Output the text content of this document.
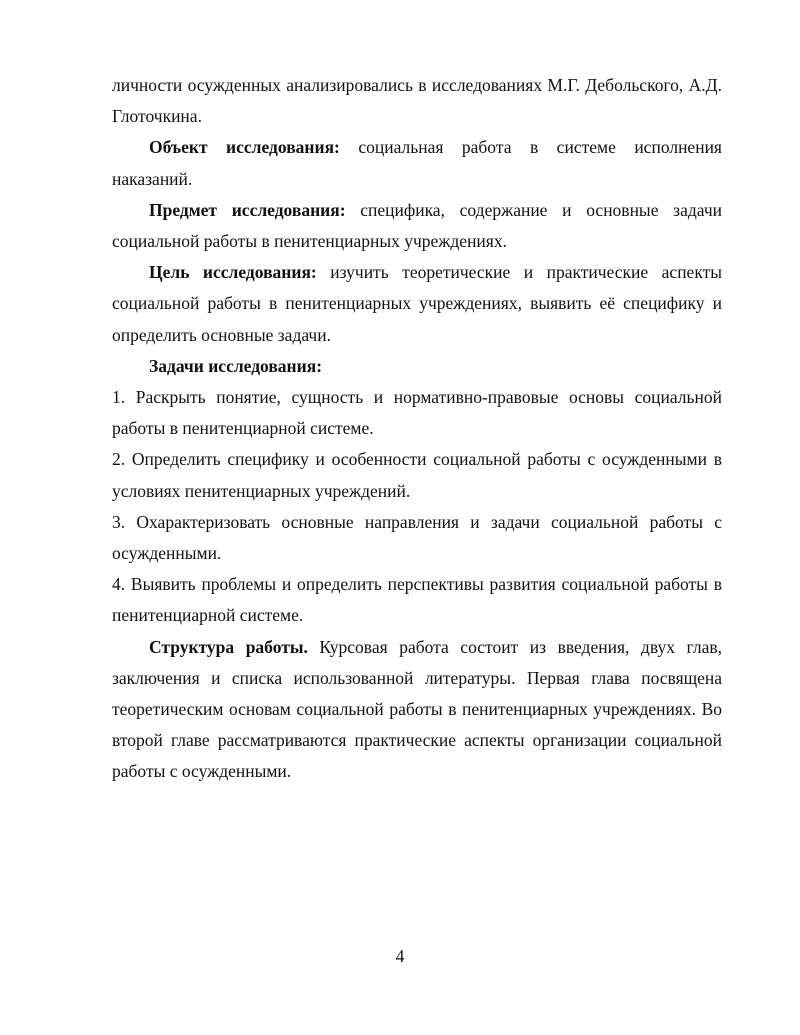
личности осужденных анализировались в исследованиях М.Г. Дебольского, А.Д. Глоточкина.

Объект исследования: социальная работа в системе исполнения наказаний.

Предмет исследования: специфика, содержание и основные задачи социальной работы в пенитенциарных учреждениях.

Цель исследования: изучить теоретические и практические аспекты социальной работы в пенитенциарных учреждениях, выявить её специфику и определить основные задачи.

Задачи исследования:

1. Раскрыть понятие, сущность и нормативно-правовые основы социальной работы в пенитенциарной системе.

2. Определить специфику и особенности социальной работы с осужденными в условиях пенитенциарных учреждений.

3. Охарактеризовать основные направления и задачи социальной работы с осужденными.

4. Выявить проблемы и определить перспективы развития социальной работы в пенитенциарной системе.

Структура работы. Курсовая работа состоит из введения, двух глав, заключения и списка использованной литературы. Первая глава посвящена теоретическим основам социальной работы в пенитенциарных учреждениях. Во второй главе рассматриваются практические аспекты организации социальной работы с осужденными.

4
